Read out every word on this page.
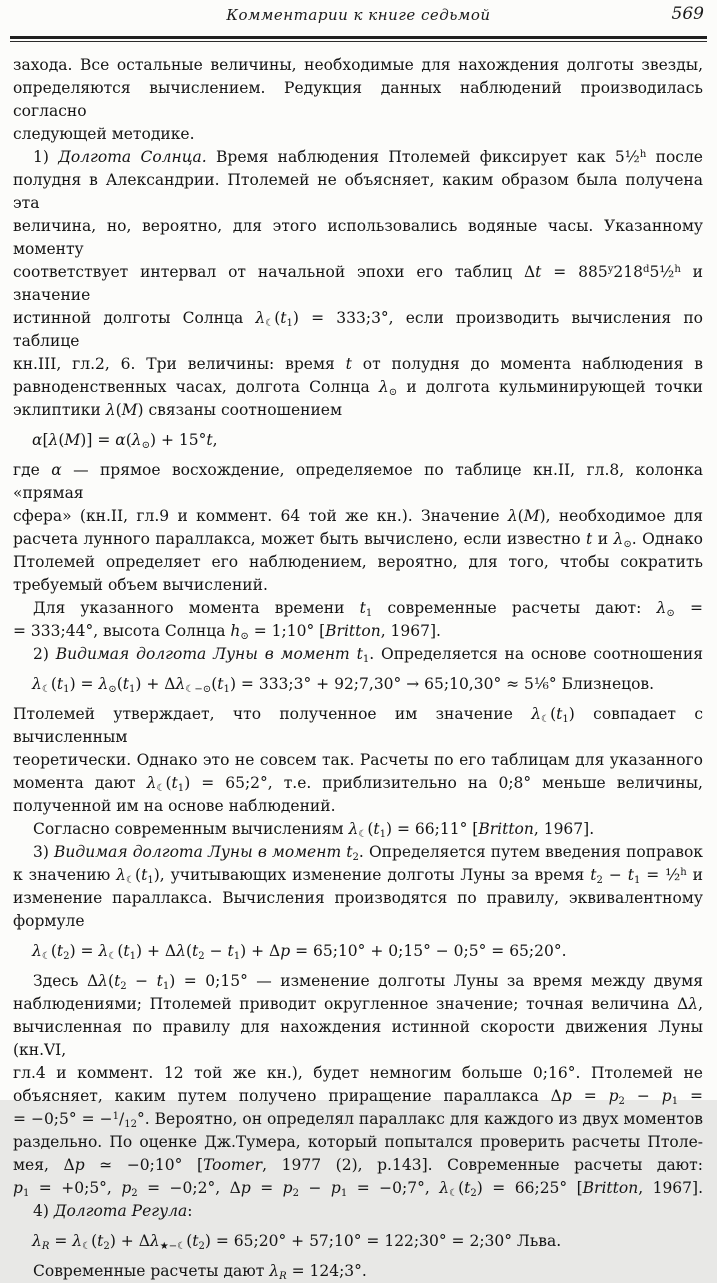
Комментарии к книге седьмой	569
захода. Все остальные величины, необходимые для нахождения долготы звезды,
определяются вычислением. Редукция данных наблюдений производилась согласно
следующей методике.
1) Долгота Солнца. Время наблюдения Птолемей фиксирует как 5½$^h$ после
полудня в Александрии. Птолемей не объясняет, каким образом была получена эта
величина, но, вероятно, для этого использовались водяные часы. Указанному моменту
соответствует интервал от начальной эпохи его таблиц $\Delta t = 885^y218^d5\frac{1}{2}^h$ и значение
истинной долготы Солнца $\lambda_☾(t_1)$ = 333;3°, если производить вычисления по таблице
кн.III, гл.2, 6. Три величины: время t от полудня до момента наблюдения в
равноденственных часах, долгота Солнца $\lambda_⊙$ и долгота кульминирующей точки
эклиптики λ(M) связаны соотношением
$\alpha[\lambda(M)] = \alpha(\lambda_⊙) + 15^\circ t$,
где α — прямое восхождение, определяемое по таблице кн.II, гл.8, колонка «прямая
сфера» (кн.II, гл.9 и коммент. 64 той же кн.). Значение λ(M), необходимое для
расчета лунного параллакса, может быть вычислено, если известно t и $\lambda_⊙$. Однако
Птолемей определяет его наблюдением, вероятно, для того, чтобы сократить
требуемый объем вычислений.
Для указанного момента времени $t_1$ современные расчеты дают: $\lambda_⊙$ =
= 333;44°, высота Солнца $h_⊙$ = 1;10° [Britton, 1967].
2) Видимая долгота Луны в момент $t_1$. Определяется на основе соотношения
$\lambda_☾(t_1) = \lambda_⊙(t_1) + \Delta\lambda_{☾-⊙}(t_1)$ = 333;3° + 92;7,30° → 65;10,30° ≈ 5⅙° Близнецов.
Птолемей утверждает, что полученное им значение $\lambda_☾(t_1)$ совпадает с вычисленным
теоретически. Однако это не совсем так. Расчеты по его таблицам для указанного
момента дают $\lambda_☾(t_1)$ = 65;2°, т.е. приблизительно на 0;8° меньше величины,
полученной им на основе наблюдений.
Согласно современным вычислениям $\lambda_☾(t_1)$ = 66;11° [Britton, 1967].
3) Видимая долгота Луны в момент $t_2$. Определяется путем введения поправок
к значению $\lambda_☾(t_1)$, учитывающих изменение долготы Луны за время $t_2 - t_1$ = ½$^h$ и
изменение параллакса. Вычисления производятся по правилу, эквивалентному
формуле
$\lambda_☾(t_2) = \lambda_☾(t_1) + \Delta\lambda(t_2 - t_1) + \Delta p$ = 65;10° + 0;15° − 0;5° = 65;20°.
Здесь $\Delta\lambda(t_2 - t_1)$ = 0;15° — изменение долготы Луны за время между двумя
наблюдениями; Птолемей приводит округленное значение; точная величина Δλ,
вычисленная по правилу для нахождения истинной скорости движения Луны (кн.VI,
гл.4 и коммент. 12 той же кн.), будет немногим больше 0;16°. Птолемей не
объясняет, каким путем получено приращение параллакса $\Delta p = p_2 - p_1$ =
= −0;5° = $-^1/_{12}^\circ$. Вероятно, он определял параллакс для каждого из двух моментов
раздельно. По оценке Дж.Тумера, который попытался проверить расчеты Птоле-
мея, Δp ≃ −0;10° [Toomer, 1977 (2), p.143]. Современные расчеты дают:
$p_1$ = +0;5°, $p_2$ = −0;2°, $\Delta p = p_2 - p_1$ = −0;7°, $\lambda_☾(t_2)$ = 66;25° [Britton, 1967].
4) Долгота Регула:
$\lambda_R = \lambda_☾(t_2) + \Delta\lambda_{★-☾}(t_2)$ = 65;20° + 57;10° = 122;30° = 2;30° Льва.
Современные расчеты дают $\lambda_R$ = 124;3°.
